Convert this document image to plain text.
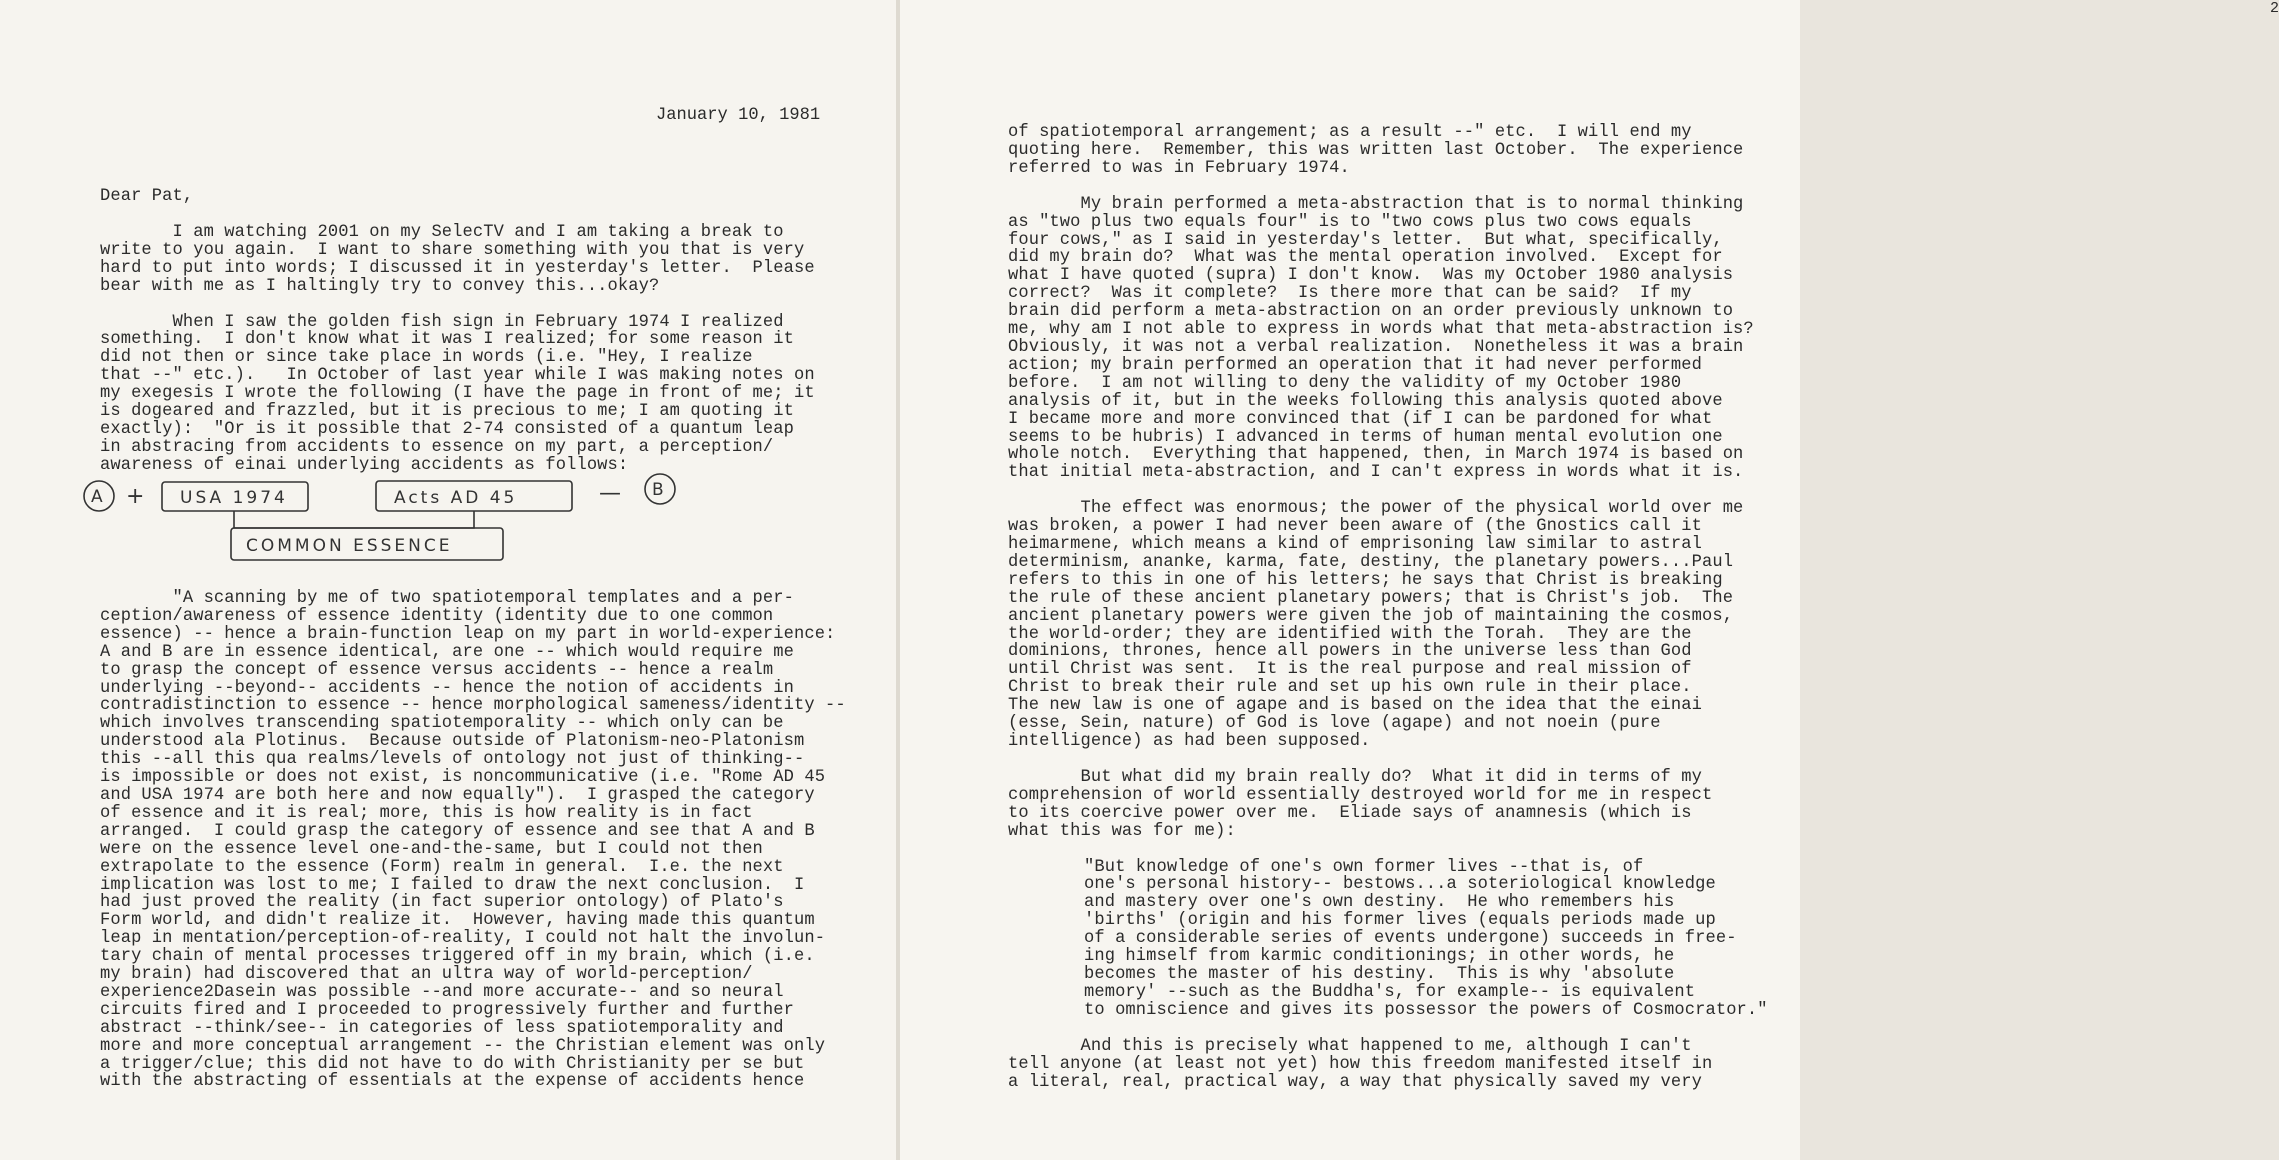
January 10, 1981
Dear Pat,
I am watching 2001 on my SelecTV and I am taking a break to
write to you again.  I want to share something with you that is very
hard to put into words; I discussed it in yesterday's letter.  Please
bear with me as I haltingly try to convey this...okay?
When I saw the golden fish sign in February 1974 I realized
something.  I don't know what it was I realized; for some reason it
did not then or since take place in words (i.e. "Hey, I realize
that --" etc.).   In October of last year while I was making notes on
my exegesis I wrote the following (I have the page in front of me; it
is dogeared and frazzled, but it is precious to me; I am quoting it
exactly):  "Or is it possible that 2-74 consisted of a quantum leap
in abstracing from accidents to essence on my part, a perception/
awareness of einai underlying accidents as follows:
A + USA 1974	Acts AD 45	— B
COMMON ESSENCE
"A scanning by me of two spatiotemporal templates and a per-
ception/awareness of essence identity (identity due to one common
essence) -- hence a brain-function leap on my part in world-experience:
A and B are in essence identical, are one -- which would require me
to grasp the concept of essence versus accidents -- hence a realm
underlying --beyond-- accidents -- hence the notion of accidents in
contradistinction to essence -- hence morphological sameness/identity --
which involves transcending spatiotemporality -- which only can be
understood ala Plotinus.  Because outside of Platonism-neo-Platonism
this --all this qua realms/levels of ontology not just of thinking--
is impossible or does not exist, is noncommunicative (i.e. "Rome AD 45
and USA 1974 are both here and now equally").  I grasped the category
of essence and it is real; more, this is how reality is in fact
arranged.  I could grasp the category of essence and see that A and B
were on the essence level one-and-the-same, but I could not then
extrapolate to the essence (Form) realm in general.  I.e. the next
implication was lost to me; I failed to draw the next conclusion.  I
had just proved the reality (in fact superior ontology) of Plato's
Form world, and didn't realize it.  However, having made this quantum
leap in mentation/perception-of-reality, I could not halt the involun-
tary chain of mental processes triggered off in my brain, which (i.e.
my brain) had discovered that an ultra way of world-perception/
experience2Dasein was possible --and more accurate-- and so neural
circuits fired and I proceeded to progressively further and further
abstract --think/see-- in categories of less spatiotemporality and
more and more conceptual arrangement -- the Christian element was only
a trigger/clue; this did not have to do with Christianity per se but
with the abstracting of essentials at the expense of accidents hence
2
of spatiotemporal arrangement; as a result --" etc.  I will end my
quoting here.  Remember, this was written last October.  The experience
referred to was in February 1974.
My brain performed a meta-abstraction that is to normal thinking
as "two plus two equals four" is to "two cows plus two cows equals
four cows," as I said in yesterday's letter.  But what, specifically,
did my brain do?  What was the mental operation involved.  Except for
what I have quoted (supra) I don't know.  Was my October 1980 analysis
correct?  Was it complete?  Is there more that can be said?  If my
brain did perform a meta-abstraction on an order previously unknown to
me, why am I not able to express in words what that meta-abstraction is?
Obviously, it was not a verbal realization.  Nonetheless it was a brain
action; my brain performed an operation that it had never performed
before.  I am not willing to deny the validity of my October 1980
analysis of it, but in the weeks following this analysis quoted above
I became more and more convinced that (if I can be pardoned for what
seems to be hubris) I advanced in terms of human mental evolution one
whole notch.  Everything that happened, then, in March 1974 is based on
that initial meta-abstraction, and I can't express in words what it is.
The effect was enormous; the power of the physical world over me
was broken, a power I had never been aware of (the Gnostics call it
heimarmene, which means a kind of emprisoning law similar to astral
determinism, ananke, karma, fate, destiny, the planetary powers...Paul
refers to this in one of his letters; he says that Christ is breaking
the rule of these ancient planetary powers; that is Christ's job.  The
ancient planetary powers were given the job of maintaining the cosmos,
the world-order; they are identified with the Torah.  They are the
dominions, thrones, hence all powers in the universe less than God
until Christ was sent.  It is the real purpose and real mission of
Christ to break their rule and set up his own rule in their place.
The new law is one of agape and is based on the idea that the einai
(esse, Sein, nature) of God is love (agape) and not noein (pure
intelligence) as had been supposed.
But what did my brain really do?  What it did in terms of my
comprehension of world essentially destroyed world for me in respect
to its coercive power over me.  Eliade says of anamnesis (which is
what this was for me):
"But knowledge of one's own former lives --that is, of
one's personal history-- bestows...a soteriological knowledge
and mastery over one's own destiny.  He who remembers his
'births' (origin and his former lives (equals periods made up
of a considerable series of events undergone) succeeds in free-
ing himself from karmic conditionings; in other words, he
becomes the master of his destiny.  This is why 'absolute
memory' --such as the Buddha's, for example-- is equivalent
to omniscience and gives its possessor the powers of Cosmocrator."
And this is precisely what happened to me, although I can't
tell anyone (at least not yet) how this freedom manifested itself in
a literal, real, practical way, a way that physically saved my very
